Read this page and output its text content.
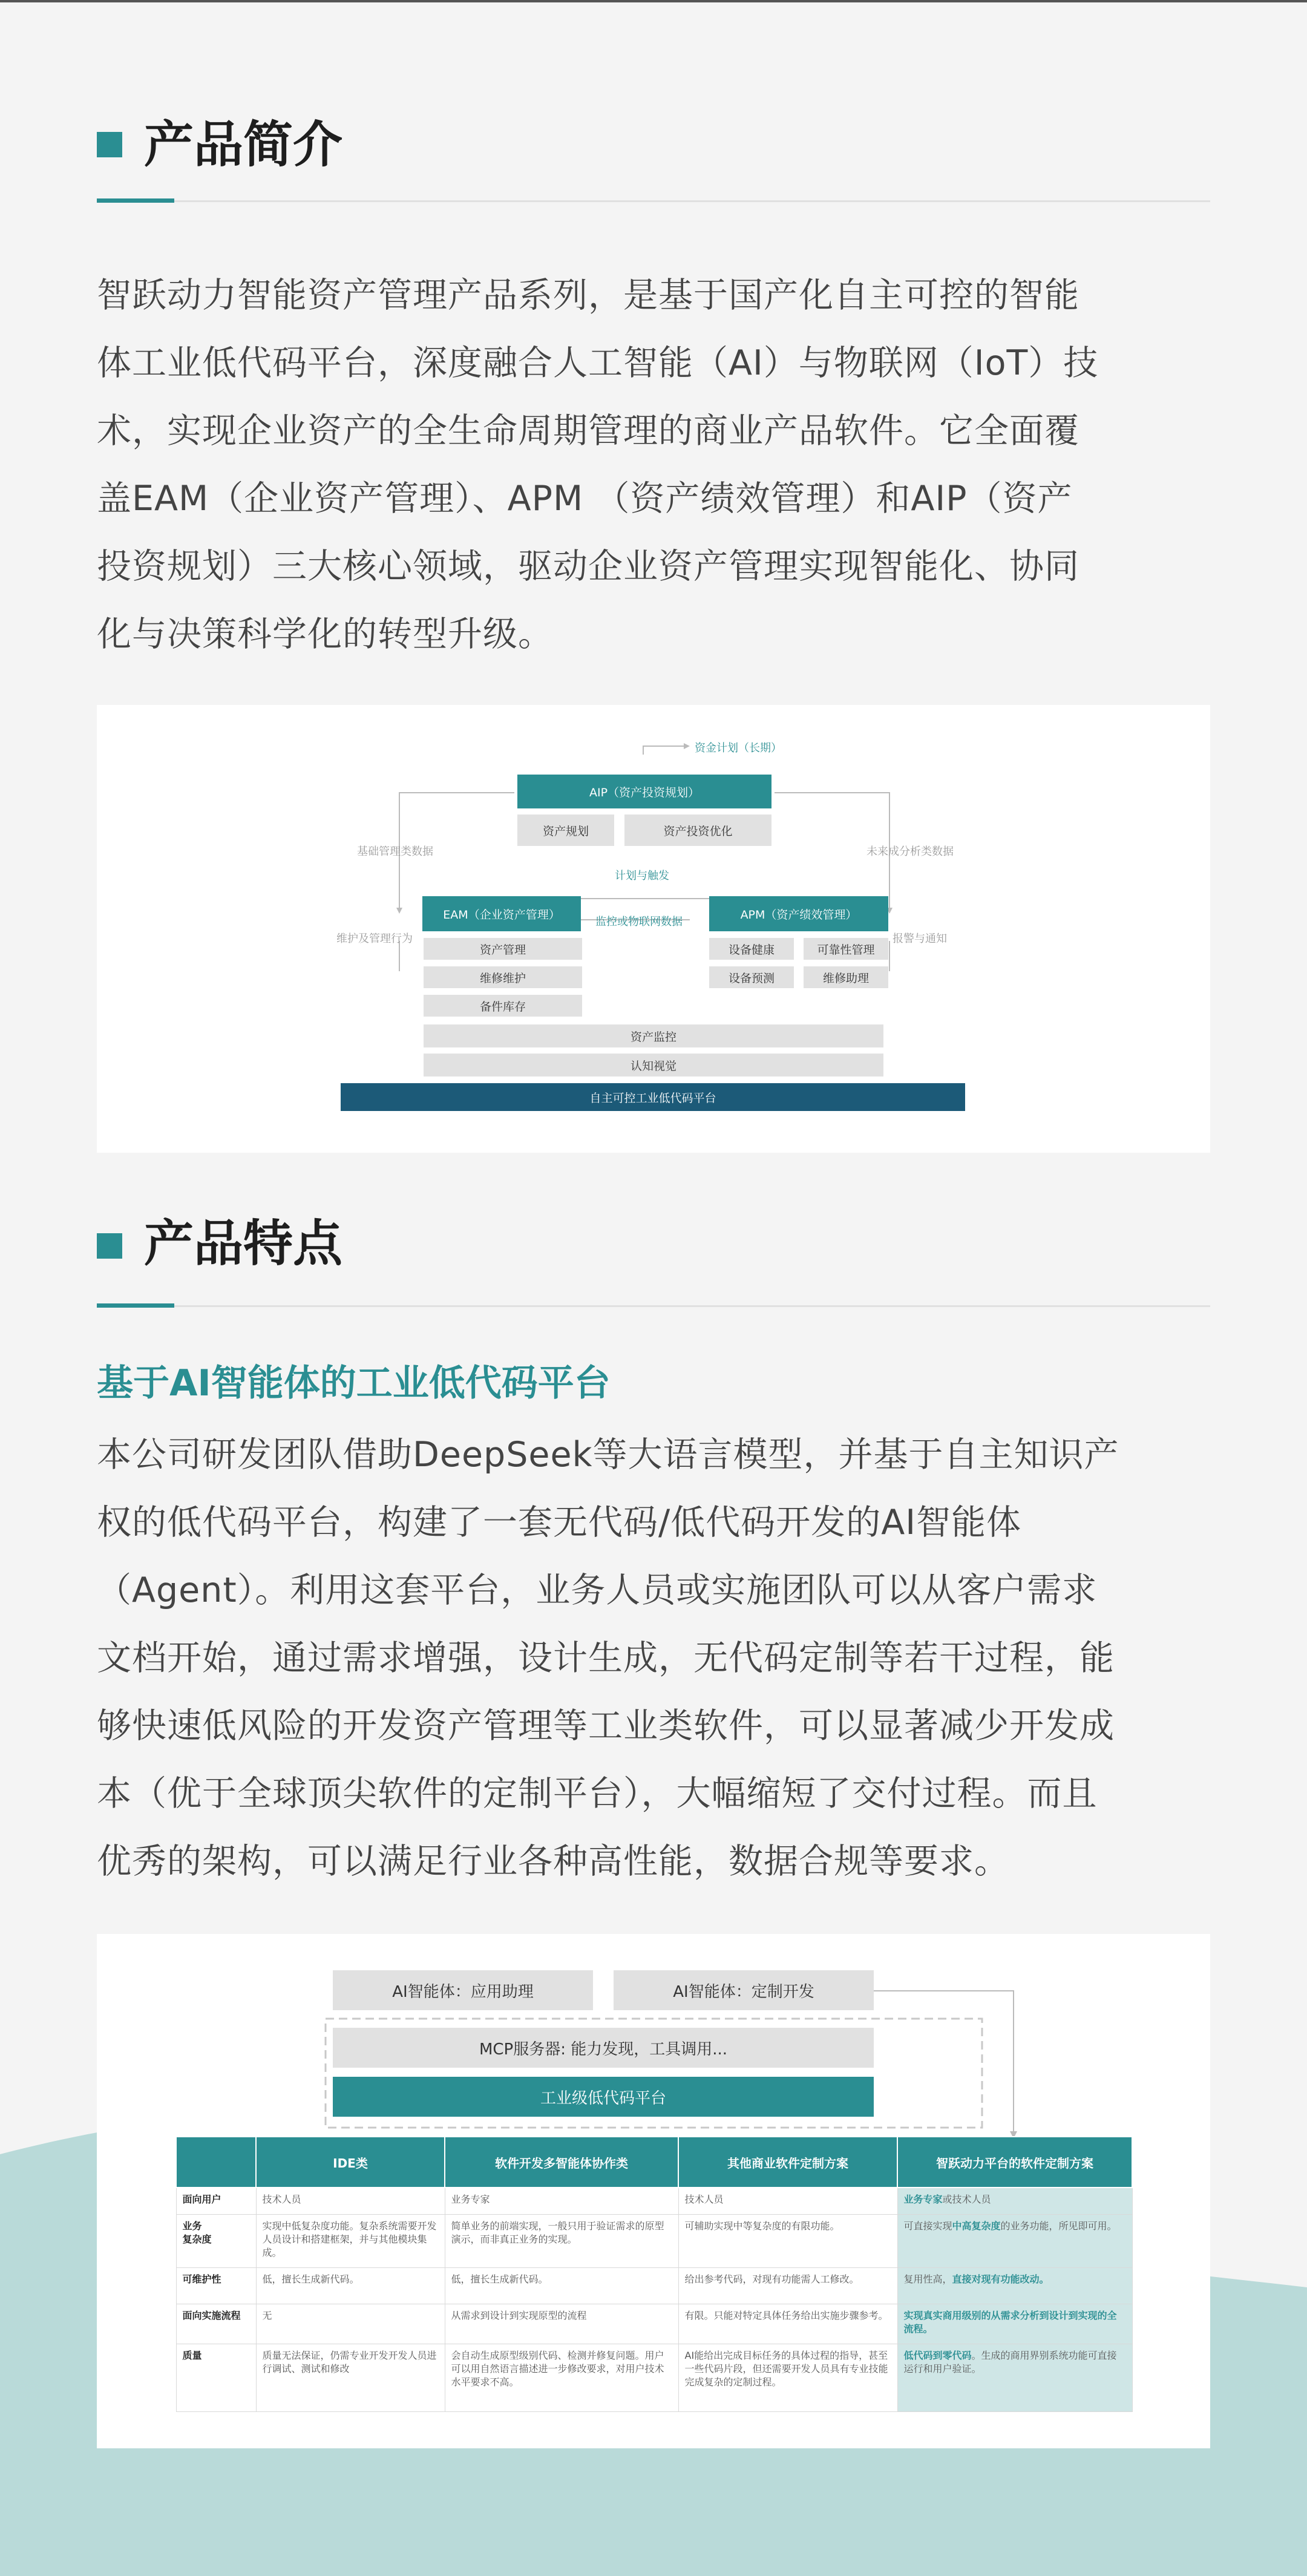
产品简介
智跃动力智能资产管理产品系列，是基于国产化自主可控的智能
体工业低代码平台，深度融合人工智能（AI）与物联网（IoT）技
术，实现企业资产的全生命周期管理的商业产品软件。它全面覆
盖EAM（企业资产管理）、APM （资产绩效管理）和AIP（资产
投资规划）三大核心领域，驱动企业资产管理实现智能化、协同
化与决策科学化的转型升级。
资金计划（长期）
AIP（资产投资规划）
资产规划	资产投资优化
基础管理类数据	未来成分析类数据
计划与触发
监控或物联网数据
维护及管理行为	报警与通知
EAM（企业资产管理）
资产管理
维修维护
备件库存
APM（资产绩效管理）
设备健康	可靠性管理
设备预测	维修助理
资产监控
认知视觉
自主可控工业低代码平台
产品特点
基于AI智能体的工业低代码平台
本公司研发团队借助DeepSeek等大语言模型，并基于自主知识产
权的低代码平台，构建了一套无代码/低代码开发的AI智能体
（Agent）。利用这套平台，业务人员或实施团队可以从客户需求
文档开始，通过需求增强，设计生成，无代码定制等若干过程，能
够快速低风险的开发资产管理等工业类软件，可以显著减少开发成
本（优于全球顶尖软件的定制平台），大幅缩短了交付过程。而且
优秀的架构，可以满足行业各种高性能，数据合规等要求。
AI智能体：应用助理	AI智能体：定制开发
MCP服务器: 能力发现，工具调用...
工业级低代码平台
	IDE类	软件开发多智能体协作类	其他商业软件定制方案	智跃动力平台的软件定制方案
面向用户	技术人员	业务专家	技术人员	业务专家或技术人员
业务
复杂度	实现中低复杂度功能。复杂系统需要开发人员设计和搭建框架，并与其他模块集成。	简单业务的前端实现，一般只用于验证需求的原型演示，而非真正业务的实现。	可辅助实现中等复杂度的有限功能。	可直接实现中高复杂度的业务功能，所见即可用。
可维护性	低，擅长生成新代码。	低，擅长生成新代码。	给出参考代码，对现有功能需人工修改。	复用性高，直接对现有功能改动。
面向实施流程	无	从需求到设计到实现原型的流程	有限。只能对特定具体任务给出实施步骤参考。	实现真实商用级别的从需求分析到设计到实现的全流程。
质量	质量无法保证，仍需专业开发开发人员进行调试、测试和修改	会自动生成原型级别代码、检测并修复问题。用户可以用自然语言描述进一步修改要求，对用户技术水平要求不高。	AI能给出完成目标任务的具体过程的指导，甚至一些代码片段，但还需要开发人员具有专业技能完成复杂的定制过程。	低代码到零代码。生成的商用界别系统功能可直接运行和用户验证。
